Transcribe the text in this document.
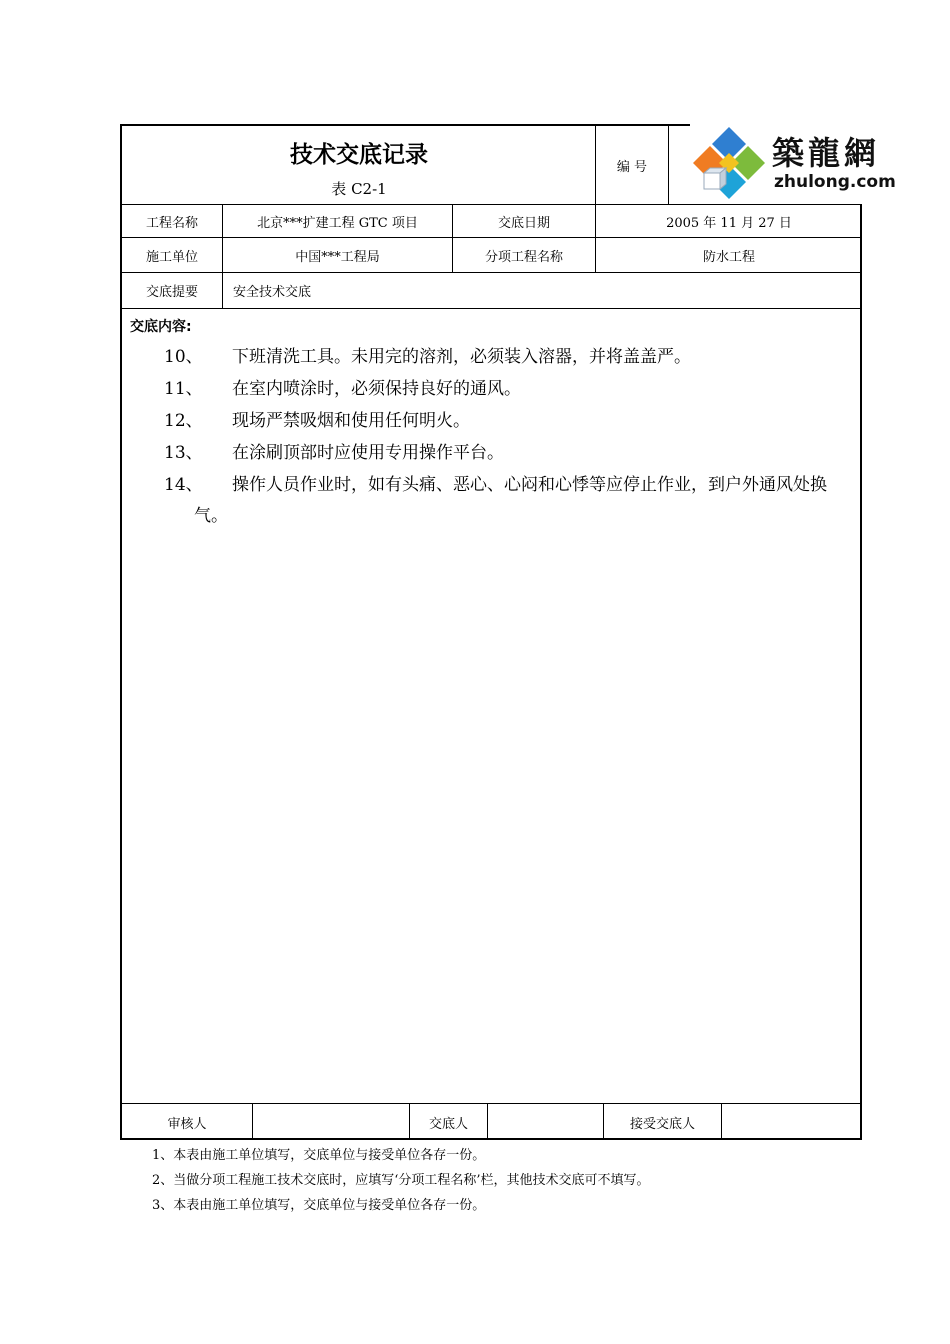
技术交底记录
表 C2-1
编 号
工程名称	北京***扩建工程 GTC 项目	交底日期	2005 年 11 月 27 日
施工单位	中国***工程局	分项工程名称	防水工程
交底提要	安全技术交底
交底内容:
10、	下班清洗工具。未用完的溶剂，必须装入溶器，并将盖盖严。
11、	在室内喷涂时，必须保持良好的通风。
12、	现场严禁吸烟和使用任何明火。
13、	在涂刷顶部时应使用专用操作平台。
14、 操作人员作业时，如有头痛、恶心、心闷和心悸等应停止作业，到户外通风处换气。
审核人	交底人	接受交底人
築龍網
zhulong.com
1、本表由施工单位填写，交底单位与接受单位各存一份。
2、当做分项工程施工技术交底时，应填写‘分项工程名称’栏，其他技术交底可不填写。
3、本表由施工单位填写，交底单位与接受单位各存一份。
